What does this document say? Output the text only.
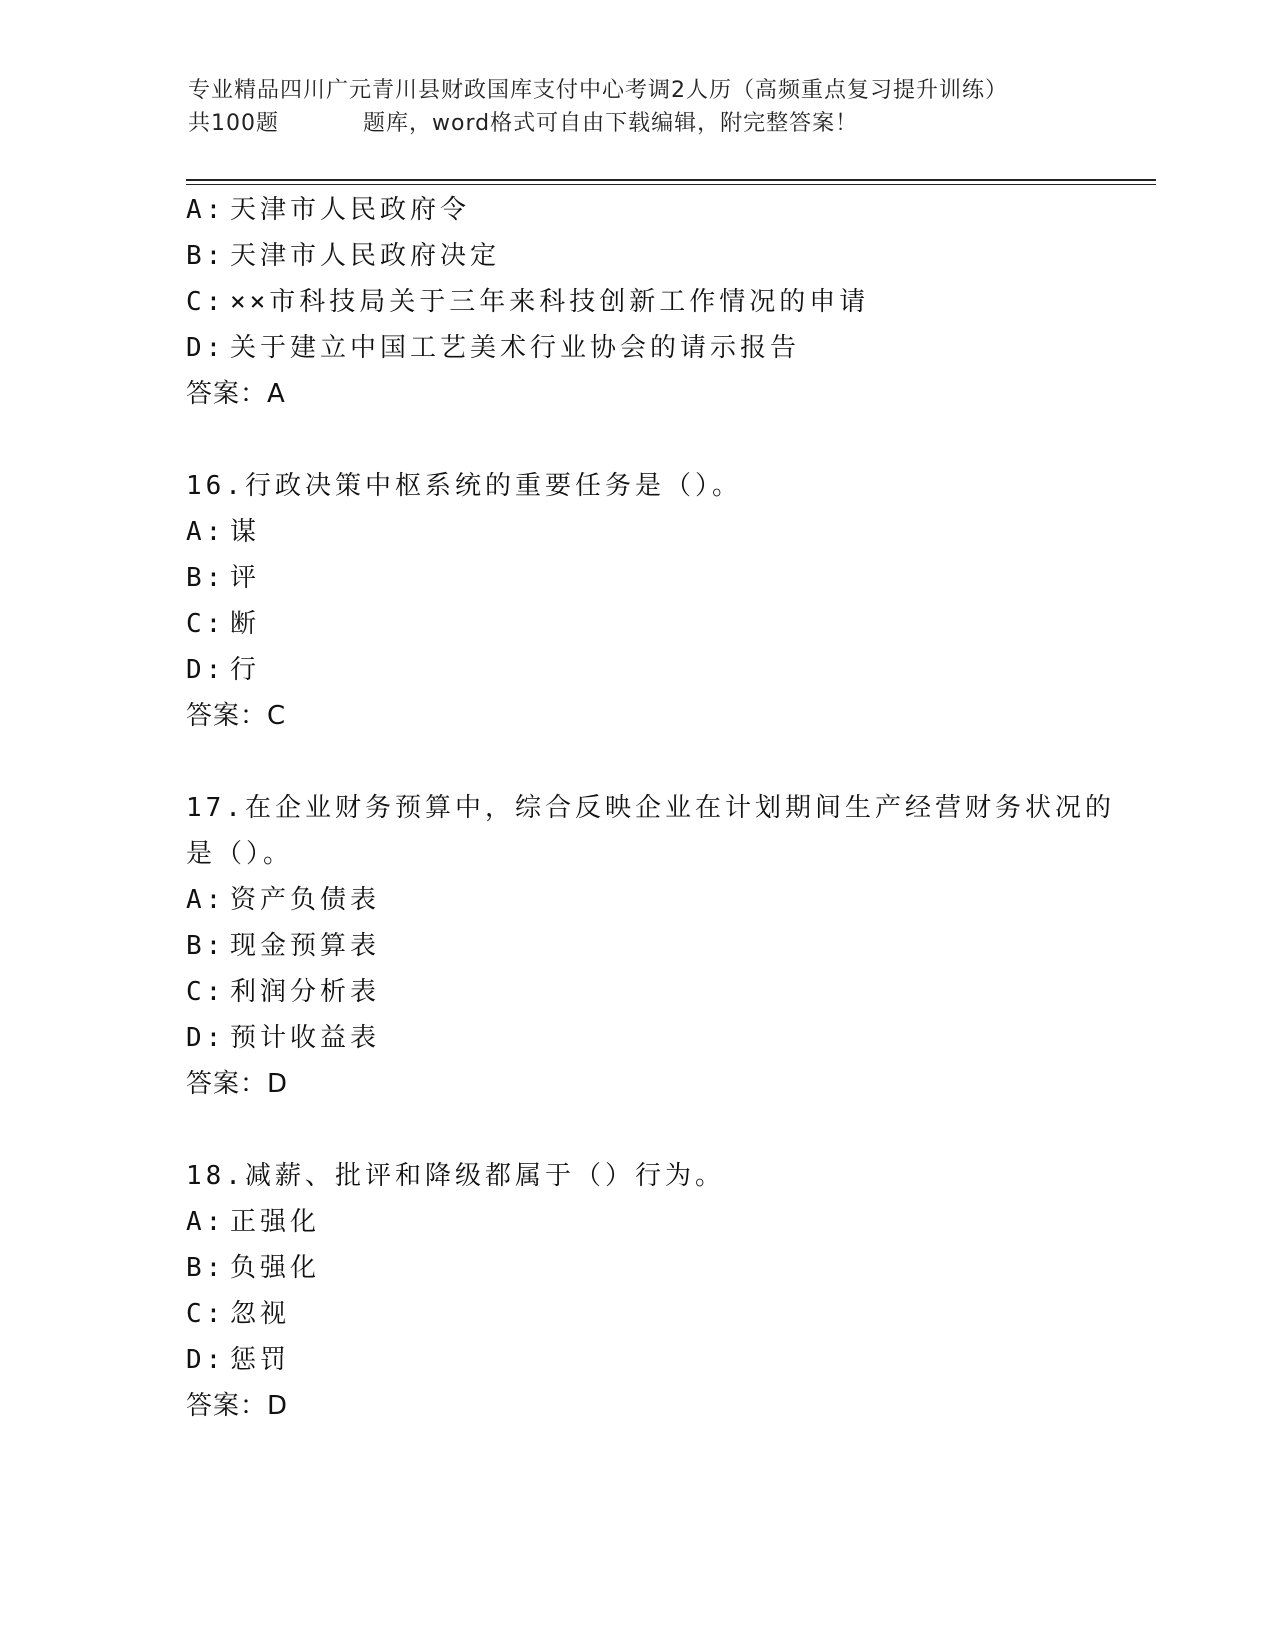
专业精品四川广元青川县财政国库支付中心考调2人历（高频重点复习提升训练）
共100题	题库，word格式可自由下载编辑，附完整答案！
A: 天津市人民政府令
B: 天津市人民政府决定
C: ××市科技局关于三年来科技创新工作情况的申请
D: 关于建立中国工艺美术行业协会的请示报告
答案：A
16.行政决策中枢系统的重要任务是（）。
A: 谋
B: 评
C: 断
D: 行
答案：C
17.在企业财务预算中，综合反映企业在计划期间生产经营财务状况的
是（）。
A: 资产负债表
B: 现金预算表
C: 利润分析表
D: 预计收益表
答案：D
18.减薪、批评和降级都属于（）行为。
A: 正强化
B: 负强化
C: 忽视
D: 惩罚
答案：D
